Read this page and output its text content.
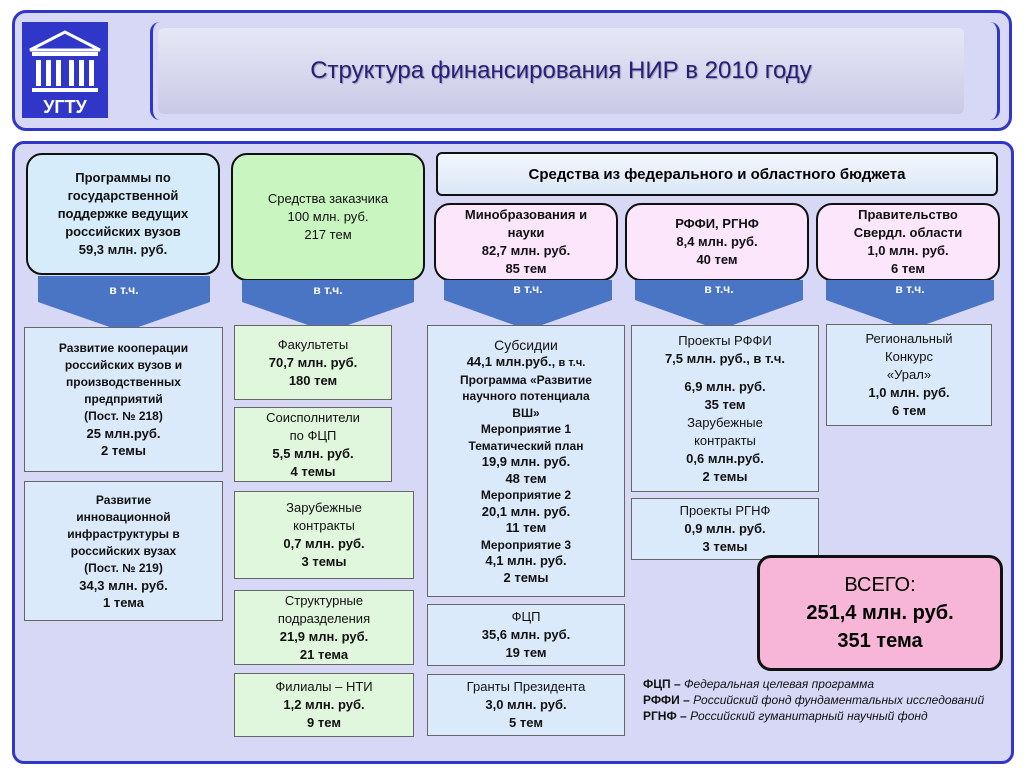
УГТУ
Структура финансирования НИР в 2010 году
Программы по
государственной
поддержке ведущих
российских вузов
59,3 млн. руб.
в т.ч.
Развитие кооперации
российских вузов и
производственных
предприятий
(Пост. № 218)
25 млн.руб.
2 темы
Развитие
инновационной
инфраструктуры в
российских вузах
(Пост. № 219)
34,3 млн. руб.
1 тема
Средства заказчика
100 млн. руб.
217 тем
в т.ч.
Факультеты
70,7 млн. руб.
180 тем
Соисполнители
по ФЦП
5,5 млн. руб.
4 темы
Зарубежные
контракты
0,7 млн. руб.
3 темы
Структурные
подразделения
21,9 млн. руб.
21 тема
Филиалы – НТИ
1,2 млн. руб.
9 тем
Средства из федерального и областного бюджета
Минобразования и
науки
82,7 млн. руб.
85 тем
в т.ч.
Субсидии
44,1 млн.руб., в т.ч.
Программа «Развитие
научного потенциала
ВШ»
Мероприятие 1
Тематический план
19,9 млн. руб.
48 тем
Мероприятие 2
20,1 млн. руб.
11 тем
Мероприятие 3
4,1 млн. руб.
2 темы
ФЦП
35,6 млн. руб.
19 тем
Гранты Президента
3,0 млн. руб.
5 тем
РФФИ, РГНФ
8,4 млн. руб.
40 тем
в т.ч.
Проекты РФФИ
7,5 млн. руб., в т.ч.
6,9 млн. руб.
35 тем
Зарубежные
контракты
0,6 млн.руб.
2 темы
Проекты РГНФ
0,9 млн. руб.
3 темы
Правительство
Свердл. области
1,0 млн. руб.
6 тем
в т.ч.
Региональный
Конкурс
«Урал»
1,0 млн. руб.
6 тем
ВСЕГО:
251,4 млн. руб.
351 тема
ФЦП – Федеральная целевая программа
РФФИ – Российский фонд фундаментальных исследований
РГНФ – Российский гуманитарный научный фонд
